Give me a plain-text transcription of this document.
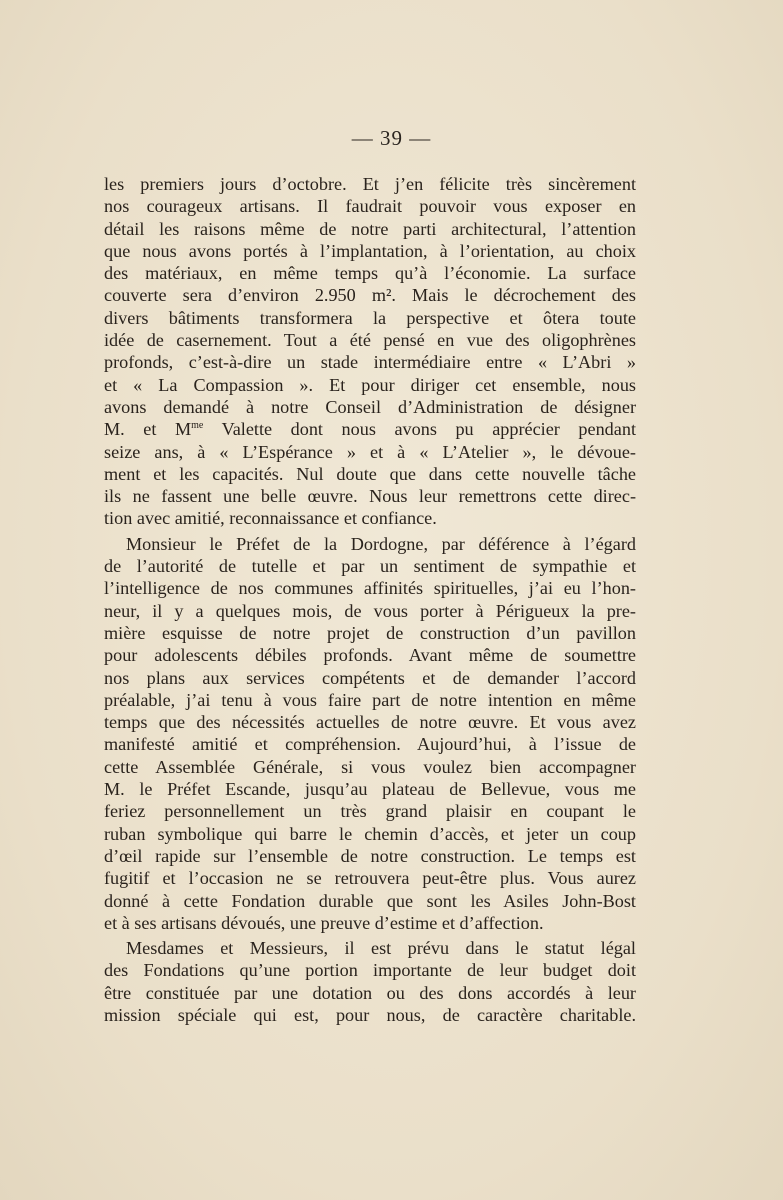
— 39 —

les premiers jours d’octobre. Et j’en félicite très sincèrement
nos courageux artisans. Il faudrait pouvoir vous exposer en
détail les raisons même de notre parti architectural, l’attention
que nous avons portés à l’implantation, à l’orientation, au choix
des matériaux, en même temps qu’à l’économie. La surface
couverte sera d’environ 2.950 m². Mais le décrochement des
divers bâtiments transformera la perspective et ôtera toute
idée de casernement. Tout a été pensé en vue des oligophrènes
profonds, c’est-à-dire un stade intermédiaire entre « L’Abri »
et « La Compassion ». Et pour diriger cet ensemble, nous
avons demandé à notre Conseil d’Administration de désigner
M. et $M^{me}$ Valette dont nous avons pu apprécier pendant
seize ans, à « L’Espérance » et à « L’Atelier », le dévoue-
ment et les capacités. Nul doute que dans cette nouvelle tâche
ils ne fassent une belle œuvre. Nous leur remettrons cette direc-
tion avec amitié, reconnaissance et confiance.

Monsieur le Préfet de la Dordogne, par déférence à l’égard
de l’autorité de tutelle et par un sentiment de sympathie et
l’intelligence de nos communes affinités spirituelles, j’ai eu l’hon-
neur, il y a quelques mois, de vous porter à Périgueux la pre-
mière esquisse de notre projet de construction d’un pavillon
pour adolescents débiles profonds. Avant même de soumettre
nos plans aux services compétents et de demander l’accord
préalable, j’ai tenu à vous faire part de notre intention en même
temps que des nécessités actuelles de notre œuvre. Et vous avez
manifesté amitié et compréhension. Aujourd’hui, à l’issue de
cette Assemblée Générale, si vous voulez bien accompagner
M. le Préfet Escande, jusqu’au plateau de Bellevue, vous me
feriez personnellement un très grand plaisir en coupant le
ruban symbolique qui barre le chemin d’accès, et jeter un coup
d’œil rapide sur l’ensemble de notre construction. Le temps est
fugitif et l’occasion ne se retrouvera peut-être plus. Vous aurez
donné à cette Fondation durable que sont les Asiles John-Bost
et à ses artisans dévoués, une preuve d’estime et d’affection.

Mesdames et Messieurs, il est prévu dans le statut légal
des Fondations qu’une portion importante de leur budget doit
être constituée par une dotation ou des dons accordés à leur
mission spéciale qui est, pour nous, de caractère charitable.
